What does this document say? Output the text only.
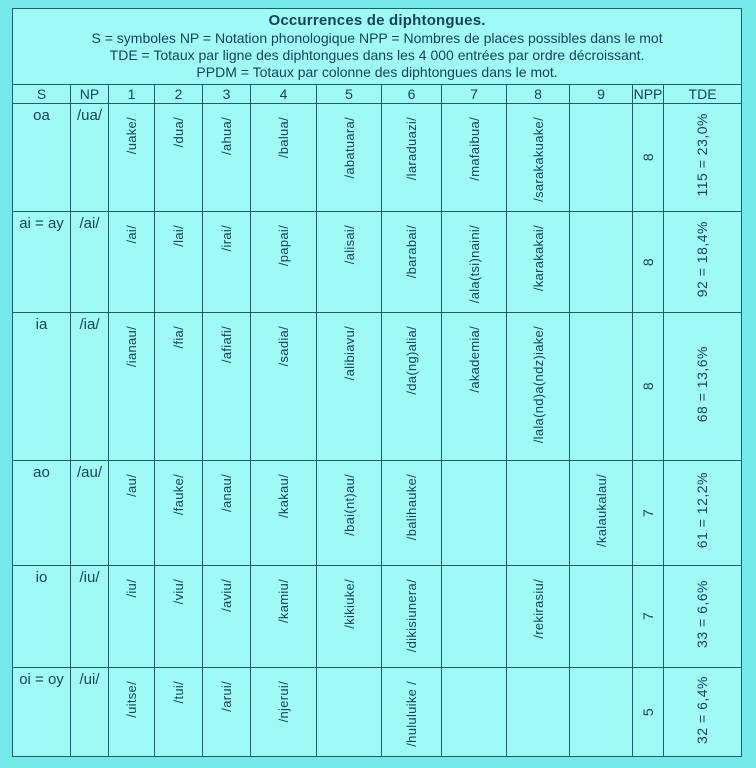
Occurrences de diphtongues.
S = symboles NP = Notation phonologique NPP = Nombres de places possibles dans le mot
TDE = Totaux par ligne des diphtongues dans les 4 000 entrées par ordre décroissant.
PPDM = Totaux par colonne des diphtongues dans le mot.												

S	NP	1	2	3	4	5	6	7	8	9	NPP	TDE
oa	/ua/	/uake/	/dua/	/ahua/	/balua/	/abatuara/	/laraduazi/	/mafaibua/	/sarakakuake/		8	115 = 23,0%
ai = ay	/ai/	/ai/	/lai/	/irai/	/papai/	/alisai/	/barabai/	/ala(tsi)naini/	/karakakai/		8	92 = 18,4%
ia	/ia/	/ianau/	/fia/	/afiafi/	/sadia/	/alibiavu/	/da(ng)alia/	/akademia/	/lala(nd)a(ndz)iake/		8	68 = 13,6%
ao	/au/	/au/	/fauke/	/anau/	/kakau/	/bai(nt)au/	/balihauke/			/kalaukalau/	7	61 = 12,2%
io	/iu/	/iu/	/viu/	/aviu/	/kamiu/	/kikiuke/	/dikisiunera/		/rekirasiu/		7	33 = 6,6%
oi = oy	/ui/	/uitse/	/tui/	/arui/	/njerui/		/hululuike /				5	32 = 6,4%
